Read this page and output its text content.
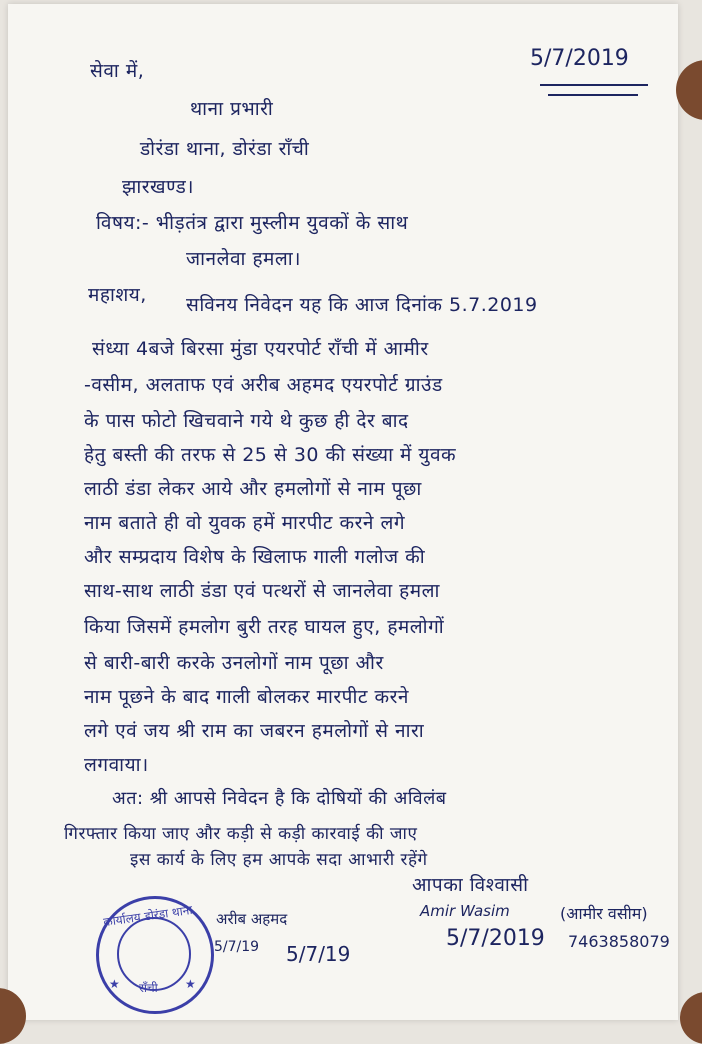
सेवा में,	5/7/2019
थाना प्रभारी
डोरंडा थाना, डोरंडा राँची
झारखण्ड।
विषय:- भीड़तंत्र द्वारा मुस्लीम युवकों के साथ
जानलेवा हमला।
महाशय, सविनय निवेदन यह कि आज दिनांक 5.7.2019
संध्या 4बजे बिरसा मुंडा एयरपोर्ट राँची में आमीर
-वसीम, अलताफ एवं अरीब अहमद एयरपोर्ट ग्राउंड
के पास फोटो खिचवाने गये थे कुछ ही देर बाद
हेतु बस्ती की तरफ से 25 से 30 की संख्या में युवक
लाठी डंडा लेकर आये और हमलोगों से नाम पूछा
नाम बताते ही वो युवक हमें मारपीट करने लगे
और सम्प्रदाय विशेष के खिलाफ गाली गलोज की
साथ-साथ लाठी डंडा एवं पत्थरों से जानलेवा हमला
किया जिसमें हमलोग बुरी तरह घायल हुए, हमलोगों
से बारी-बारी करके उनलोगों नाम पूछा और
नाम पूछने के बाद गाली बोलकर मारपीट करने
लगे एवं जय श्री राम का जबरन हमलोगों से नारा
लगवाया।
अत: श्री आपसे निवेदन है कि दोषियों की अविलंब
गिरफ्तार किया जाए और कड़ी से कड़ी कारवाई की जाए
इस कार्य के लिए हम आपके सदा आभारी रहेंगे
आपका विश्वासी
Amir Wasim
5/7/2019
(आमीर वसीम)
7463858079
अरीब अहमद
5/7/19 5/7/19
कार्यालय डोरंडा थाना
राँची
★	★
